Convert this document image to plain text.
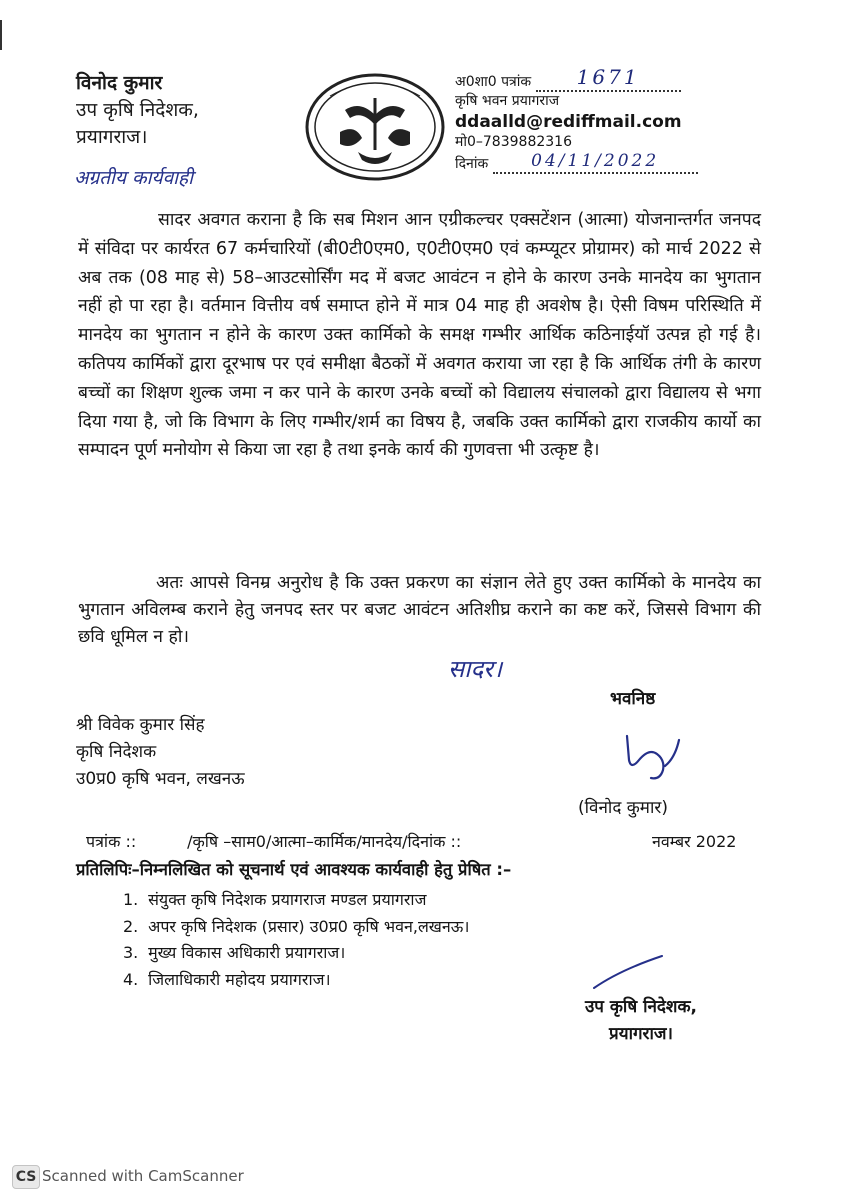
विनोद कुमार
उप कृषि निदेशक,
प्रयागराज।
अग्रतीय कार्यवाही
अ0शा0 पत्रांक 1671
कृषि भवन प्रयागराज
ddaalld@rediffmail.com
मो0–7839882316
दिनांक	04/11/2022
सादर अवगत कराना है कि सब मिशन आन एग्रीकल्चर एक्सटेंशन (आत्मा) योजनान्तर्गत जनपद में संविदा पर कार्यरत 67 कर्मचारियों (बी0टी0एम0, ए0टी0एम0 एवं कम्प्यूटर प्रोग्रामर) को मार्च 2022 से अब तक (08 माह से) 58–आउटसोर्सिंग मद में बजट आवंटन न होने के कारण उनके मानदेय का भुगतान नहीं हो पा रहा है। वर्तमान वित्तीय वर्ष समाप्त होने में मात्र 04 माह ही अवशेष है। ऐसी विषम परिस्थिति में मानदेय का भुगतान न होने के कारण उक्त कार्मिको के समक्ष गम्भीर आर्थिक कठिनाईयॉ उत्पन्न हो गई है। कतिपय कार्मिकों द्वारा दूरभाष पर एवं समीक्षा बैठकों में अवगत कराया जा रहा है कि आर्थिक तंगी के कारण बच्चों का शिक्षण शुल्क जमा न कर पाने के कारण उनके बच्चों को विद्यालय संचालको द्वारा विद्यालय से भगा दिया गया है, जो कि विभाग के लिए गम्भीर/शर्म का विषय है, जबकि उक्त कार्मिको द्वारा राजकीय कार्यो का सम्पादन पूर्ण मनोयोग से किया जा रहा है तथा इनके कार्य की गुणवत्ता भी उत्कृष्ट है।
अतः आपसे विनम्र अनुरोध है कि उक्त प्रकरण का संज्ञान लेते हुए उक्त कार्मिको के मानदेय का भुगतान अविलम्ब कराने हेतु जनपद स्तर पर बजट आवंटन अतिशीघ्र कराने का कष्ट करें, जिससे विभाग की छवि धूमिल न हो।
सादर।
भवनिष्ठ
श्री विवेक कुमार सिंह
कृषि निदेशक
उ0प्र0 कृषि भवन, लखनऊ
(विनोद कुमार)
पत्रांक ::          /कृषि –साम0/आत्मा–कार्मिक/मानदेय/दिनांक ::	नवम्बर 2022
प्रतिलिपिः–निम्नलिखित को सूचनार्थ एवं आवश्यक कार्यवाही हेतु प्रेषित :–
1. संयुक्त कृषि निदेशक प्रयागराज मण्डल प्रयागराज
2. अपर कृषि निदेशक (प्रसार) उ0प्र0 कृषि भवन,लखनऊ।
3. मुख्य विकास अधिकारी प्रयागराज।
4. जिलाधिकारी महोदय प्रयागराज।
उप कृषि निदेशक,
प्रयागराज।
CS Scanned with CamScanner
